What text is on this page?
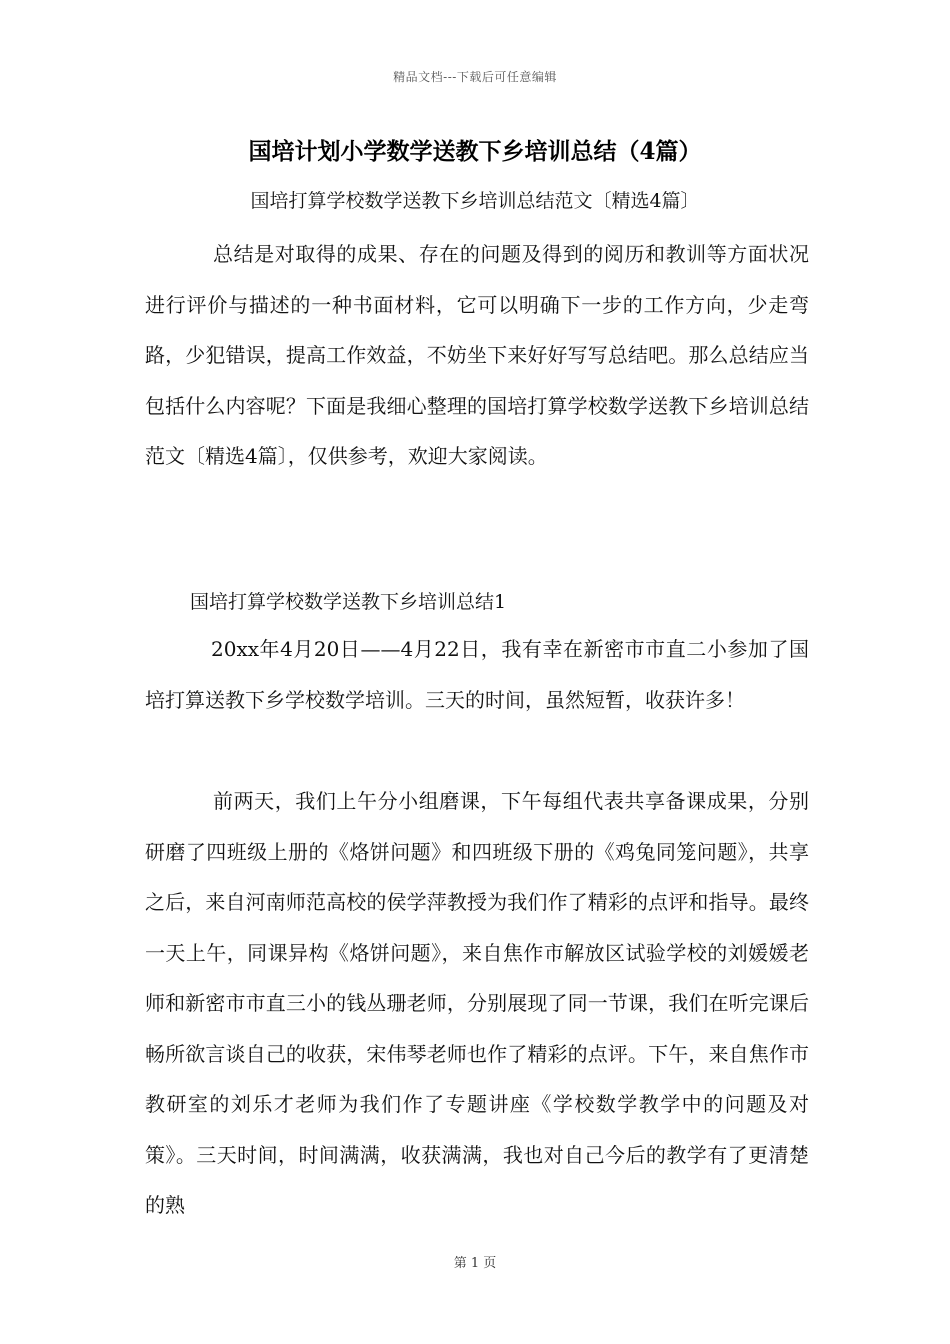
精品文档---下载后可任意编辑
国培计划小学数学送教下乡培训总结（4篇）
国培打算学校数学送教下乡培训总结范文〔精选4篇〕

总结是对取得的成果、存在的问题及得到的阅历和教训等方面状况进行评价与描述的一种书面材料，它可以明确下一步的工作方向，少走弯路，少犯错误，提高工作效益，不妨坐下来好好写写总结吧。那么总结应当包括什么内容呢？下面是我细心整理的国培打算学校数学送教下乡培训总结范文〔精选4篇〕，仅供参考，欢迎大家阅读。

国培打算学校数学送教下乡培训总结1

20xx年4月20日——4月22日，我有幸在新密市市直二小参加了国培打算送教下乡学校数学培训。三天的时间，虽然短暂，收获许多！

前两天，我们上午分小组磨课，下午每组代表共享备课成果，分别研磨了四班级上册的《烙饼问题》和四班级下册的《鸡兔同笼问题》，共享之后，来自河南师范高校的侯学萍教授为我们作了精彩的点评和指导。最终一天上午，同课异构《烙饼问题》，来自焦作市解放区试验学校的刘媛媛老师和新密市市直三小的钱丛珊老师，分别展现了同一节课，我们在听完课后畅所欲言谈自己的收获，宋伟琴老师也作了精彩的点评。下午，来自焦作市教研室的刘乐才老师为我们作了专题讲座《学校数学教学中的问题及对策》。三天时间，时间满满，收获满满，我也对自己今后的教学有了更清楚的熟

第 1 页
